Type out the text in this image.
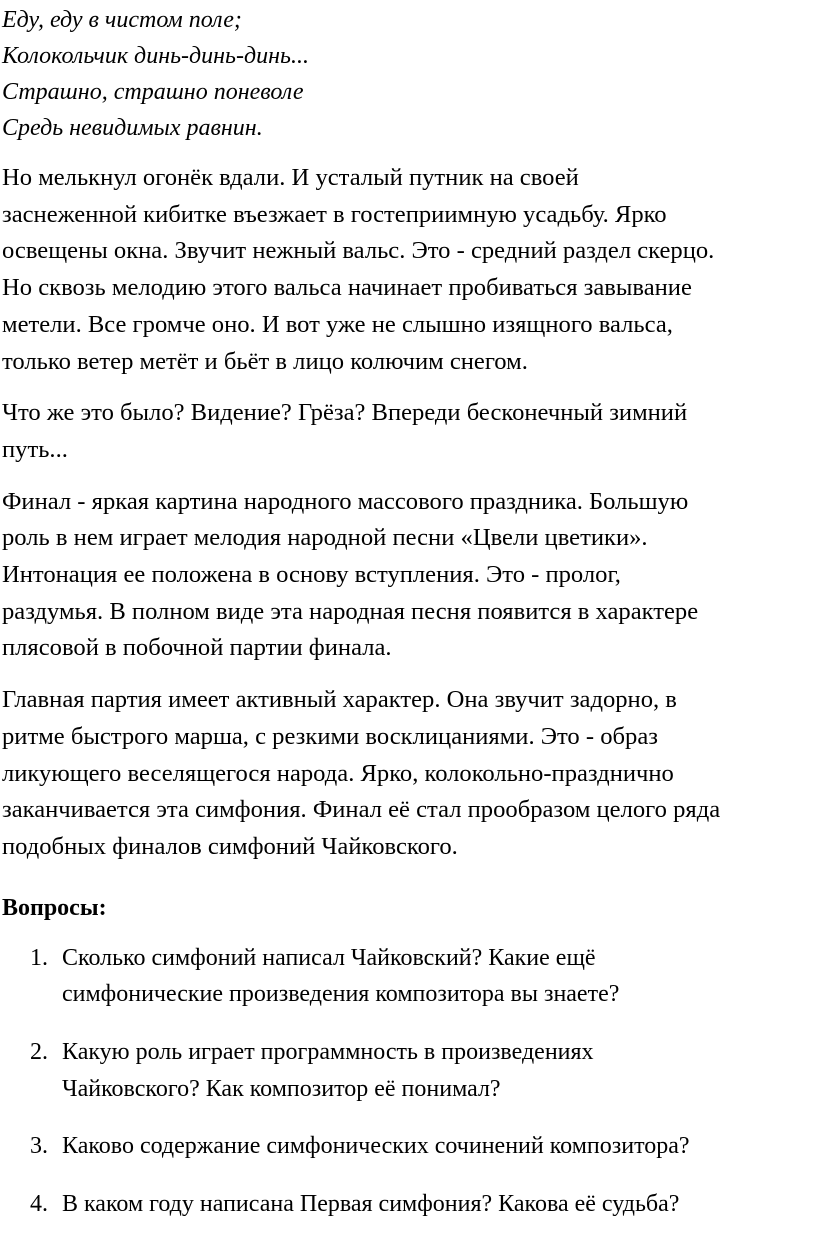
Еду, еду в чистом поле;
Колокольчик динь-динь-динь...
Страшно, страшно поневоле
Средь невидимых равнин.

Но мелькнул огонёк вдали. И усталый путник на своей
заснеженной кибитке въезжает в гостеприимную усадьбу. Ярко
освещены окна. Звучит нежный вальс. Это - средний раздел скерцо.
Но сквозь мелодию этого вальса начинает пробиваться завывание
метели. Все громче оно. И вот уже не слышно изящного вальса,
только ветер метёт и бьёт в лицо колючим снегом.

Что же это было? Видение? Грёза? Впереди бесконечный зимний
путь...

Финал - яркая картина народного массового праздника. Большую
роль в нем играет мелодия народной песни «Цвели цветики».
Интонация ее положена в основу вступления. Это - пролог,
раздумья. В полном виде эта народная песня появится в характере
плясовой в побочной партии финала.

Главная партия имеет активный характер. Она звучит задорно, в
ритме быстрого марша, с резкими восклицаниями. Это - образ
ликующего веселящегося народа. Ярко, колокольно-празднично
заканчивается эта симфония. Финал её стал прообразом целого ряда
подобных финалов симфоний Чайковского.

Вопросы:
1. Сколько симфоний написал Чайковский? Какие ещё
симфонические произведения композитора вы знаете?
2. Какую роль играет программность в произведениях
Чайковского? Как композитор её понимал?
3. Каково содержание симфонических сочинений композитора?
4. В каком году написана Первая симфония? Какова её судьба?
